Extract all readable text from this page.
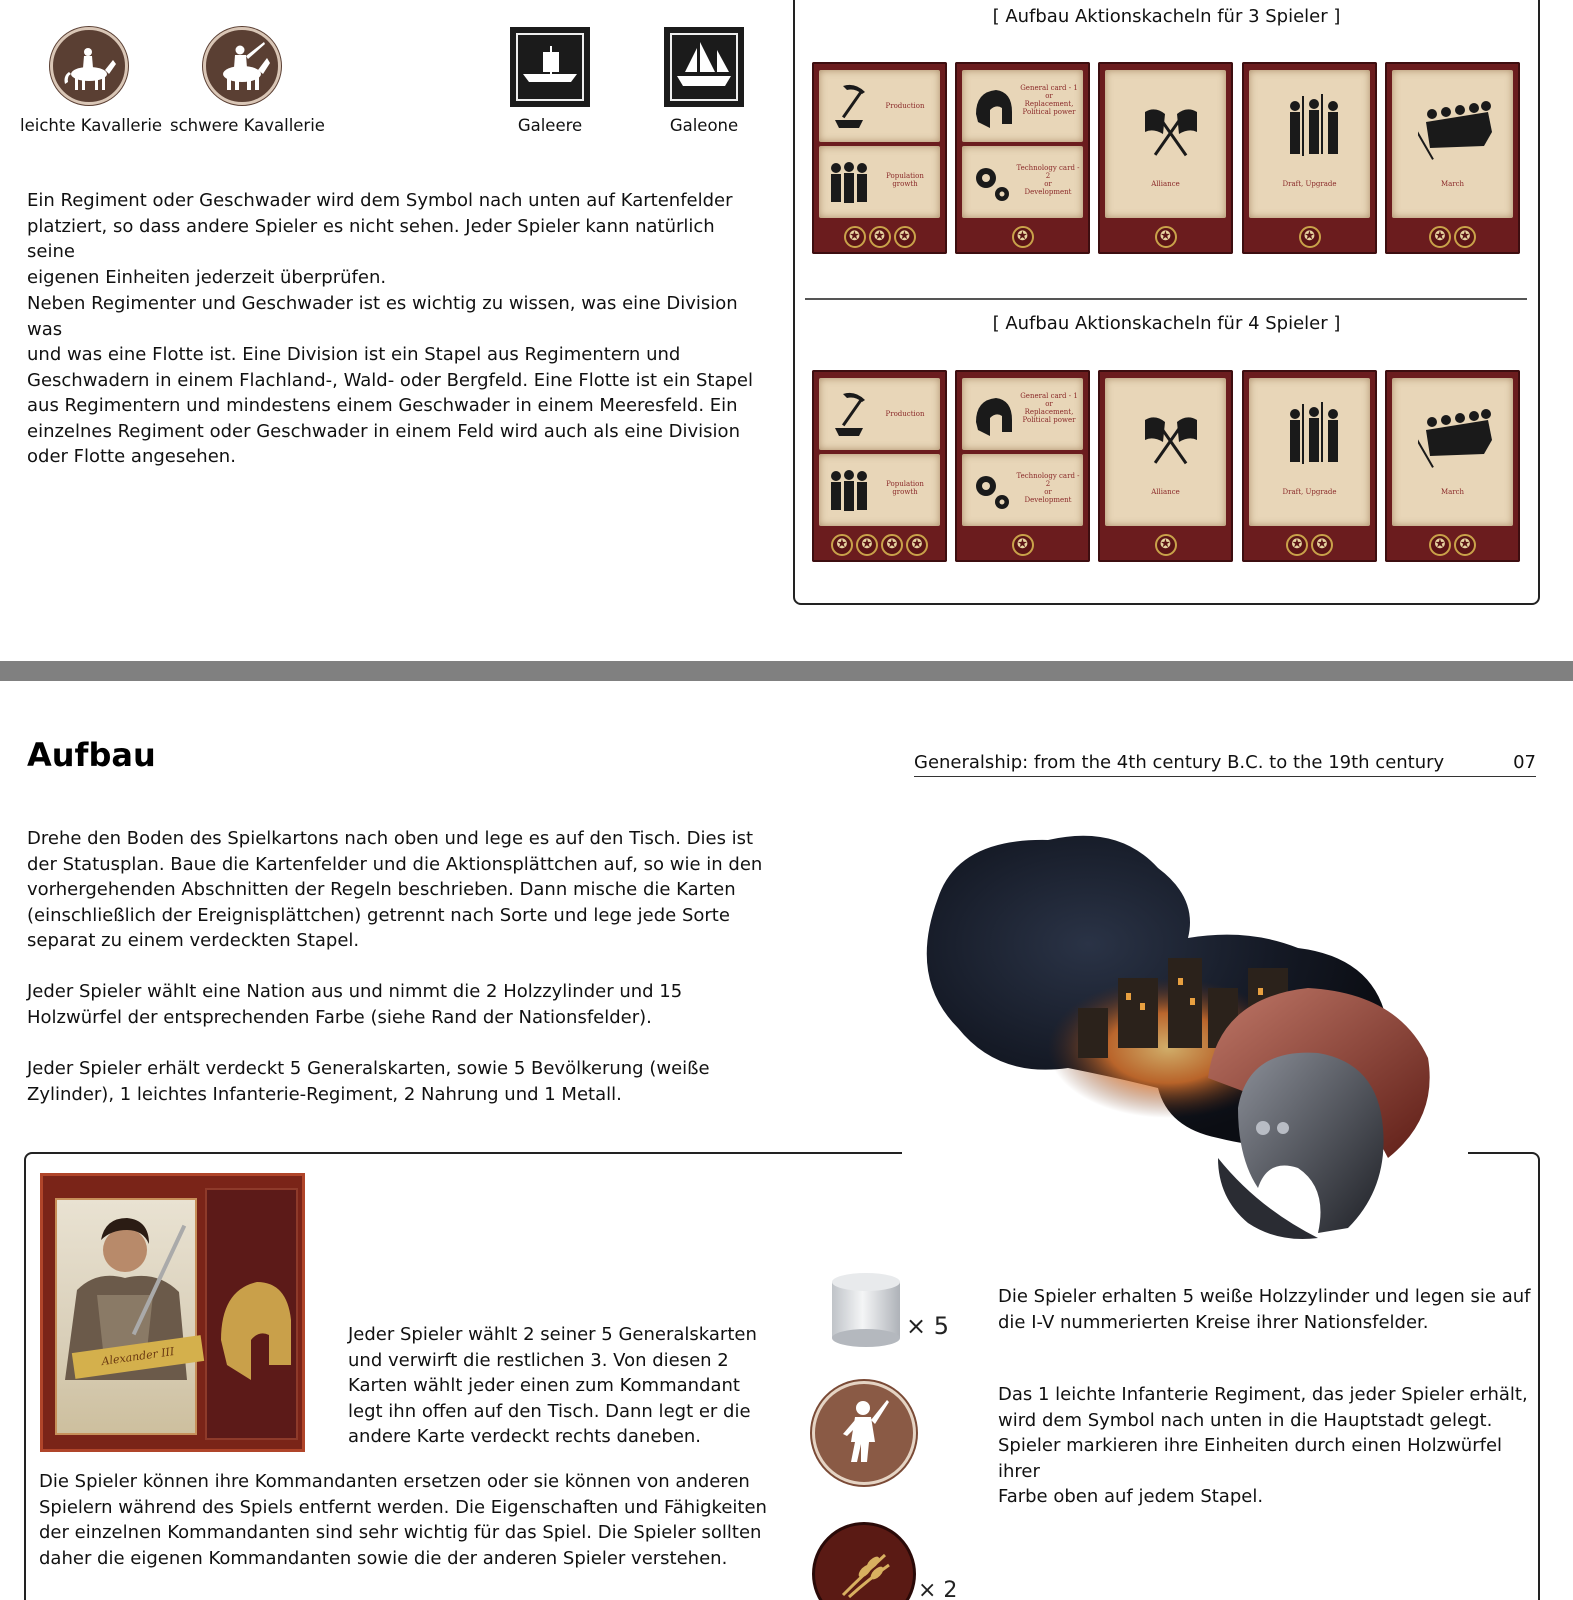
leichte Kavallerie schwere Kavallerie	Galeere	Galeone
Ein Regiment oder Geschwader wird dem Symbol nach unten auf Kartenfelder
platziert, so dass andere Spieler es nicht sehen. Jeder Spieler kann natürlich seine
eigenen Einheiten jederzeit überprüfen.
Neben Regimenter und Geschwader ist es wichtig zu wissen, was eine Division was
und was eine Flotte ist. Eine Division ist ein Stapel aus Regimentern und
Geschwadern in einem Flachland-, Wald- oder Bergfeld. Eine Flotte ist ein Stapel
aus Regimentern und mindestens einem Geschwader in einem Meeresfeld. Ein
einzelnes Regiment oder Geschwader in einem Feld wird auch als eine Division
oder Flotte angesehen.
[ Aufbau Aktionskacheln für 3 Spieler ]
[ Aufbau Aktionskacheln für 4 Spieler ]
Production
Population
growth
✪	✪	✪
General card - 1
or
Replacement,
Political power
Technology card - 2
or
Development
✪
Alliance
✪
Draft, Upgrade
✪
March
✪	✪
Production
Population
growth
✪	✪	✪	✪
General card - 1
or
Replacement,
Political power
Technology card - 2
or
Development
✪
Alliance
✪
Draft, Upgrade
✪	✪
March
✪	✪
Aufbau	Generalship: from the 4th century B.C. to the 19th century	07
Drehe den Boden des Spielkartons nach oben und lege es auf den Tisch. Dies ist
der Statusplan. Baue die Kartenfelder und die Aktionsplättchen auf, so wie in den
vorhergehenden Abschnitten der Regeln beschrieben. Dann mische die Karten
(einschließlich der Ereignisplättchen) getrennt nach Sorte und lege jede Sorte
separat zu einem verdeckten Stapel.
Jeder Spieler wählt eine Nation aus und nimmt die 2 Holzzylinder und 15
Holzwürfel der entsprechenden Farbe (siehe Rand der Nationsfelder).
Jeder Spieler erhält verdeckt 5 Generalskarten, sowie 5 Bevölkerung (weiße
Zylinder), 1 leichtes Infanterie-Regiment, 2 Nahrung und 1 Metall.
Alexander III
Jeder Spieler wählt 2 seiner 5 Generalskarten
und verwirft die restlichen 3. Von diesen 2
Karten wählt jeder einen zum Kommandant
legt ihn offen auf den Tisch. Dann legt er die
andere Karte verdeckt rechts daneben.
Die Spieler können ihre Kommandanten ersetzen oder sie können von anderen
Spielern während des Spiels entfernt werden. Die Eigenschaften und Fähigkeiten
der einzelnen Kommandanten sind sehr wichtig für das Spiel. Die Spieler sollten
daher die eigenen Kommandanten sowie die der anderen Spieler verstehen.
× 5
Die Spieler erhalten 5 weiße Holzzylinder und legen sie auf
die I-V nummerierten Kreise ihrer Nationsfelder.
Das 1 leichte Infanterie Regiment, das jeder Spieler erhält,
wird dem Symbol nach unten in die Hauptstadt gelegt.
Spieler markieren ihre Einheiten durch einen Holzwürfel ihrer
Farbe oben auf jedem Stapel.
× 2
